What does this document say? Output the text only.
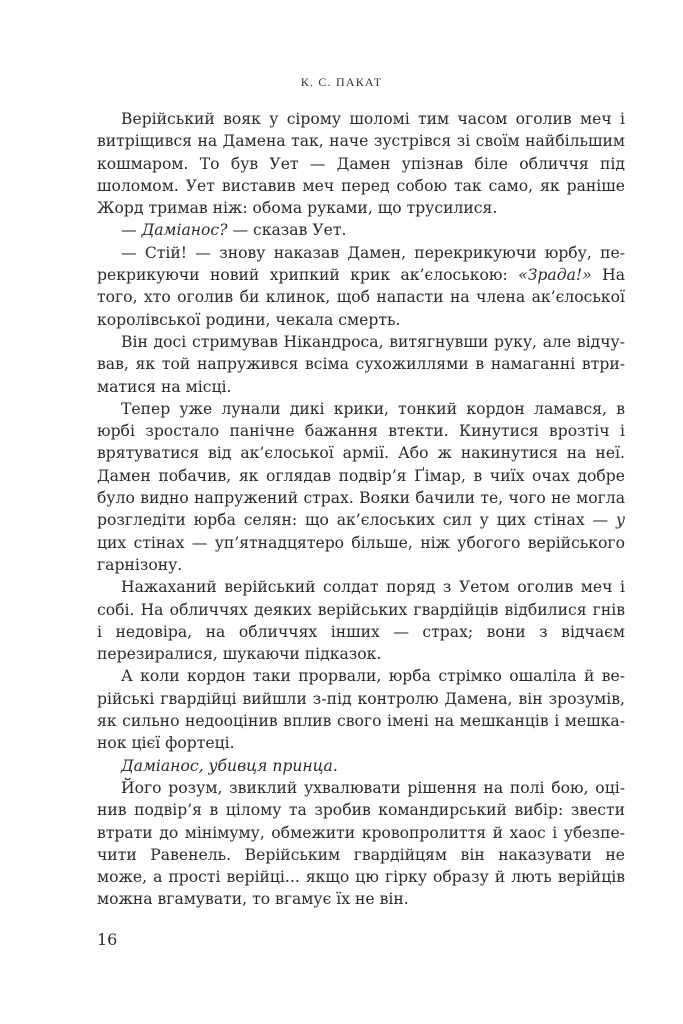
К. С. ПАКАТ

Верійський вояк у сірому шоломі тим часом оголив меч і витріщився на Дамена так, наче зустрівся зі своїм найбільшим кошмаром. То був Ует — Дамен упізнав біле обличчя під шоломом. Ует виставив меч перед собою так само, як раніше Жорд тримав ніж: обома руками, що трусилися.

— Даміанос? — сказав Ует.

— Стій! — знову наказав Дамен, перекрикуючи юрбу, перекрикуючи новий хрипкий крик ак’єлоською: «Зрада!» На того, хто оголив би клинок, щоб напасти на члена ак’єлоської королівської родини, чекала смерть.

Він досі стримував Нікандроса, витягнувши руку, але відчував, як той напружився всіма сухожиллями в намаганні втриматися на місці.

Тепер уже лунали дикі крики, тонкий кордон ламався, в юрбі зростало панічне бажання втекти. Кинутися врозтіч і врятуватися від ак’єлоської армії. Або ж накинутися на неї. Дамен побачив, як оглядав подвір’я Ґімар, в чиїх очах добре було видно напружений страх. Вояки бачили те, чого не могла розгледіти юрба селян: що ак’єлоських сил у цих стінах — у цих стінах — уп’ятнадцятеро більше, ніж убогого верійського гарнізону.

Нажаханий верійський солдат поряд з Уетом оголив меч і собі. На обличчях деяких верійських гвардійців відбилися гнів і недовіра, на обличчях інших — страх; вони з відчаєм перезиралися, шукаючи підказок.

А коли кордон таки прорвали, юрба стрімко ошаліла й верійські гвардійці вийшли з-під контролю Дамена, він зрозумів, як сильно недооцінив вплив свого імені на мешканців і мешканок цієї фортеці.

Даміанос, убивця принца.

Його розум, звиклий ухвалювати рішення на полі бою, оцінив подвір’я в цілому та зробив командирський вибір: звести втрати до мінімуму, обмежити кровопролиття й хаос і убезпечити Равенель. Верійським гвардійцям він наказувати не може, а прості верійці... якщо цю гірку образу й лють верійців можна вгамувати, то вгамує їх не він.

16
